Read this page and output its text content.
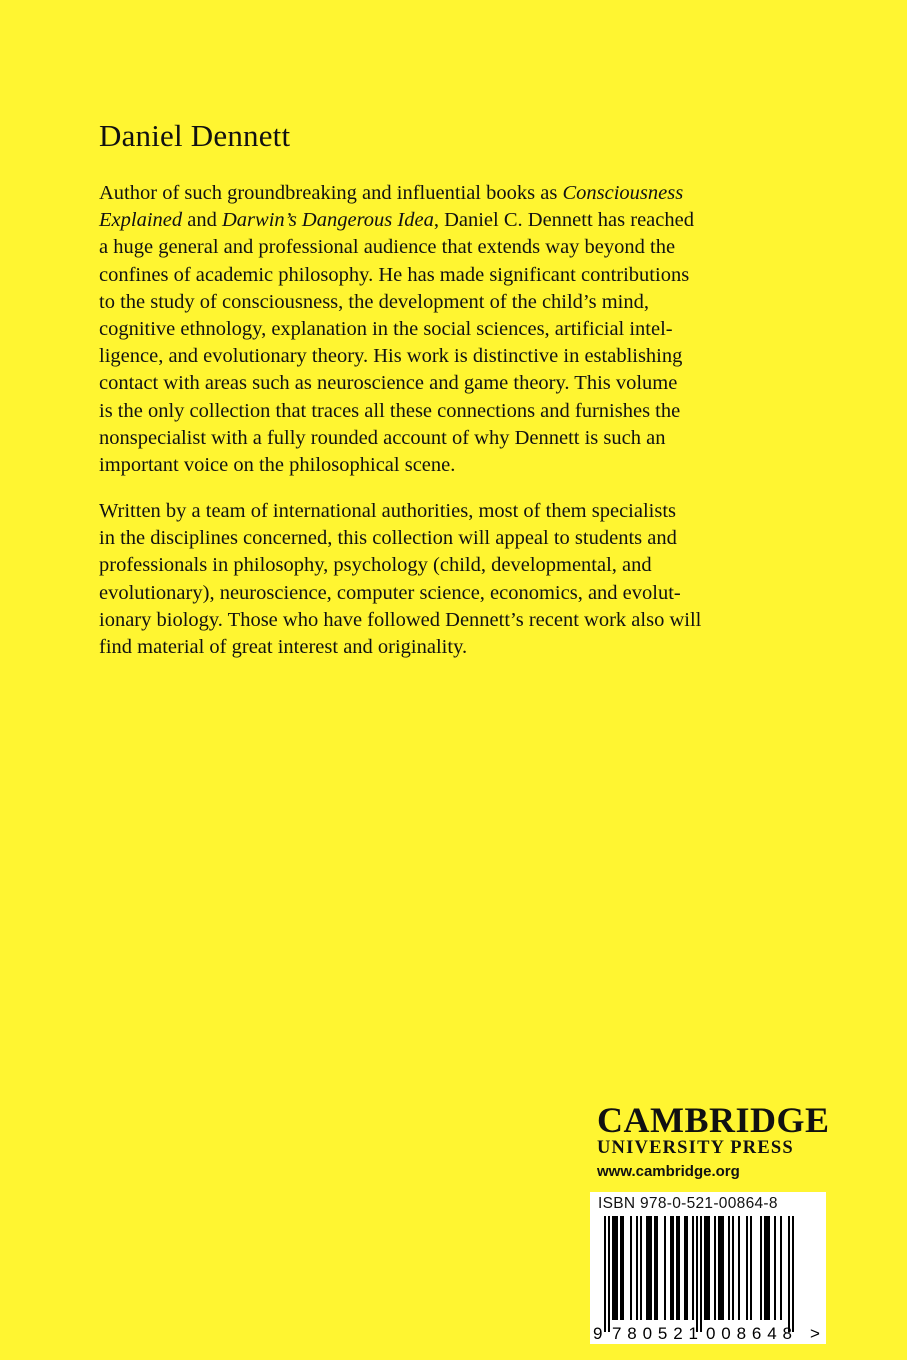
Daniel Dennett
Author of such groundbreaking and influential books as Consciousness
Explained and Darwin’s Dangerous Idea, Daniel C. Dennett has reached
a huge general and professional audience that extends way beyond the
confines of academic philosophy. He has made significant contributions
to the study of consciousness, the development of the child’s mind,
cognitive ethnology, explanation in the social sciences, artificial intel-
ligence, and evolutionary theory. His work is distinctive in establishing
contact with areas such as neuroscience and game theory. This volume
is the only collection that traces all these connections and furnishes the
nonspecialist with a fully rounded account of why Dennett is such an
important voice on the philosophical scene.
Written by a team of international authorities, most of them specialists
in the disciplines concerned, this collection will appeal to students and
professionals in philosophy, psychology (child, developmental, and
evolutionary), neuroscience, computer science, economics, and evolut-
ionary biology. Those who have followed Dennett’s recent work also will
find material of great interest and originality.
CAMBRIDGE
UNIVERSITY PRESS
www.cambridge.org
9 780521 008648 >
ISBN 978-0-521-00864-8
